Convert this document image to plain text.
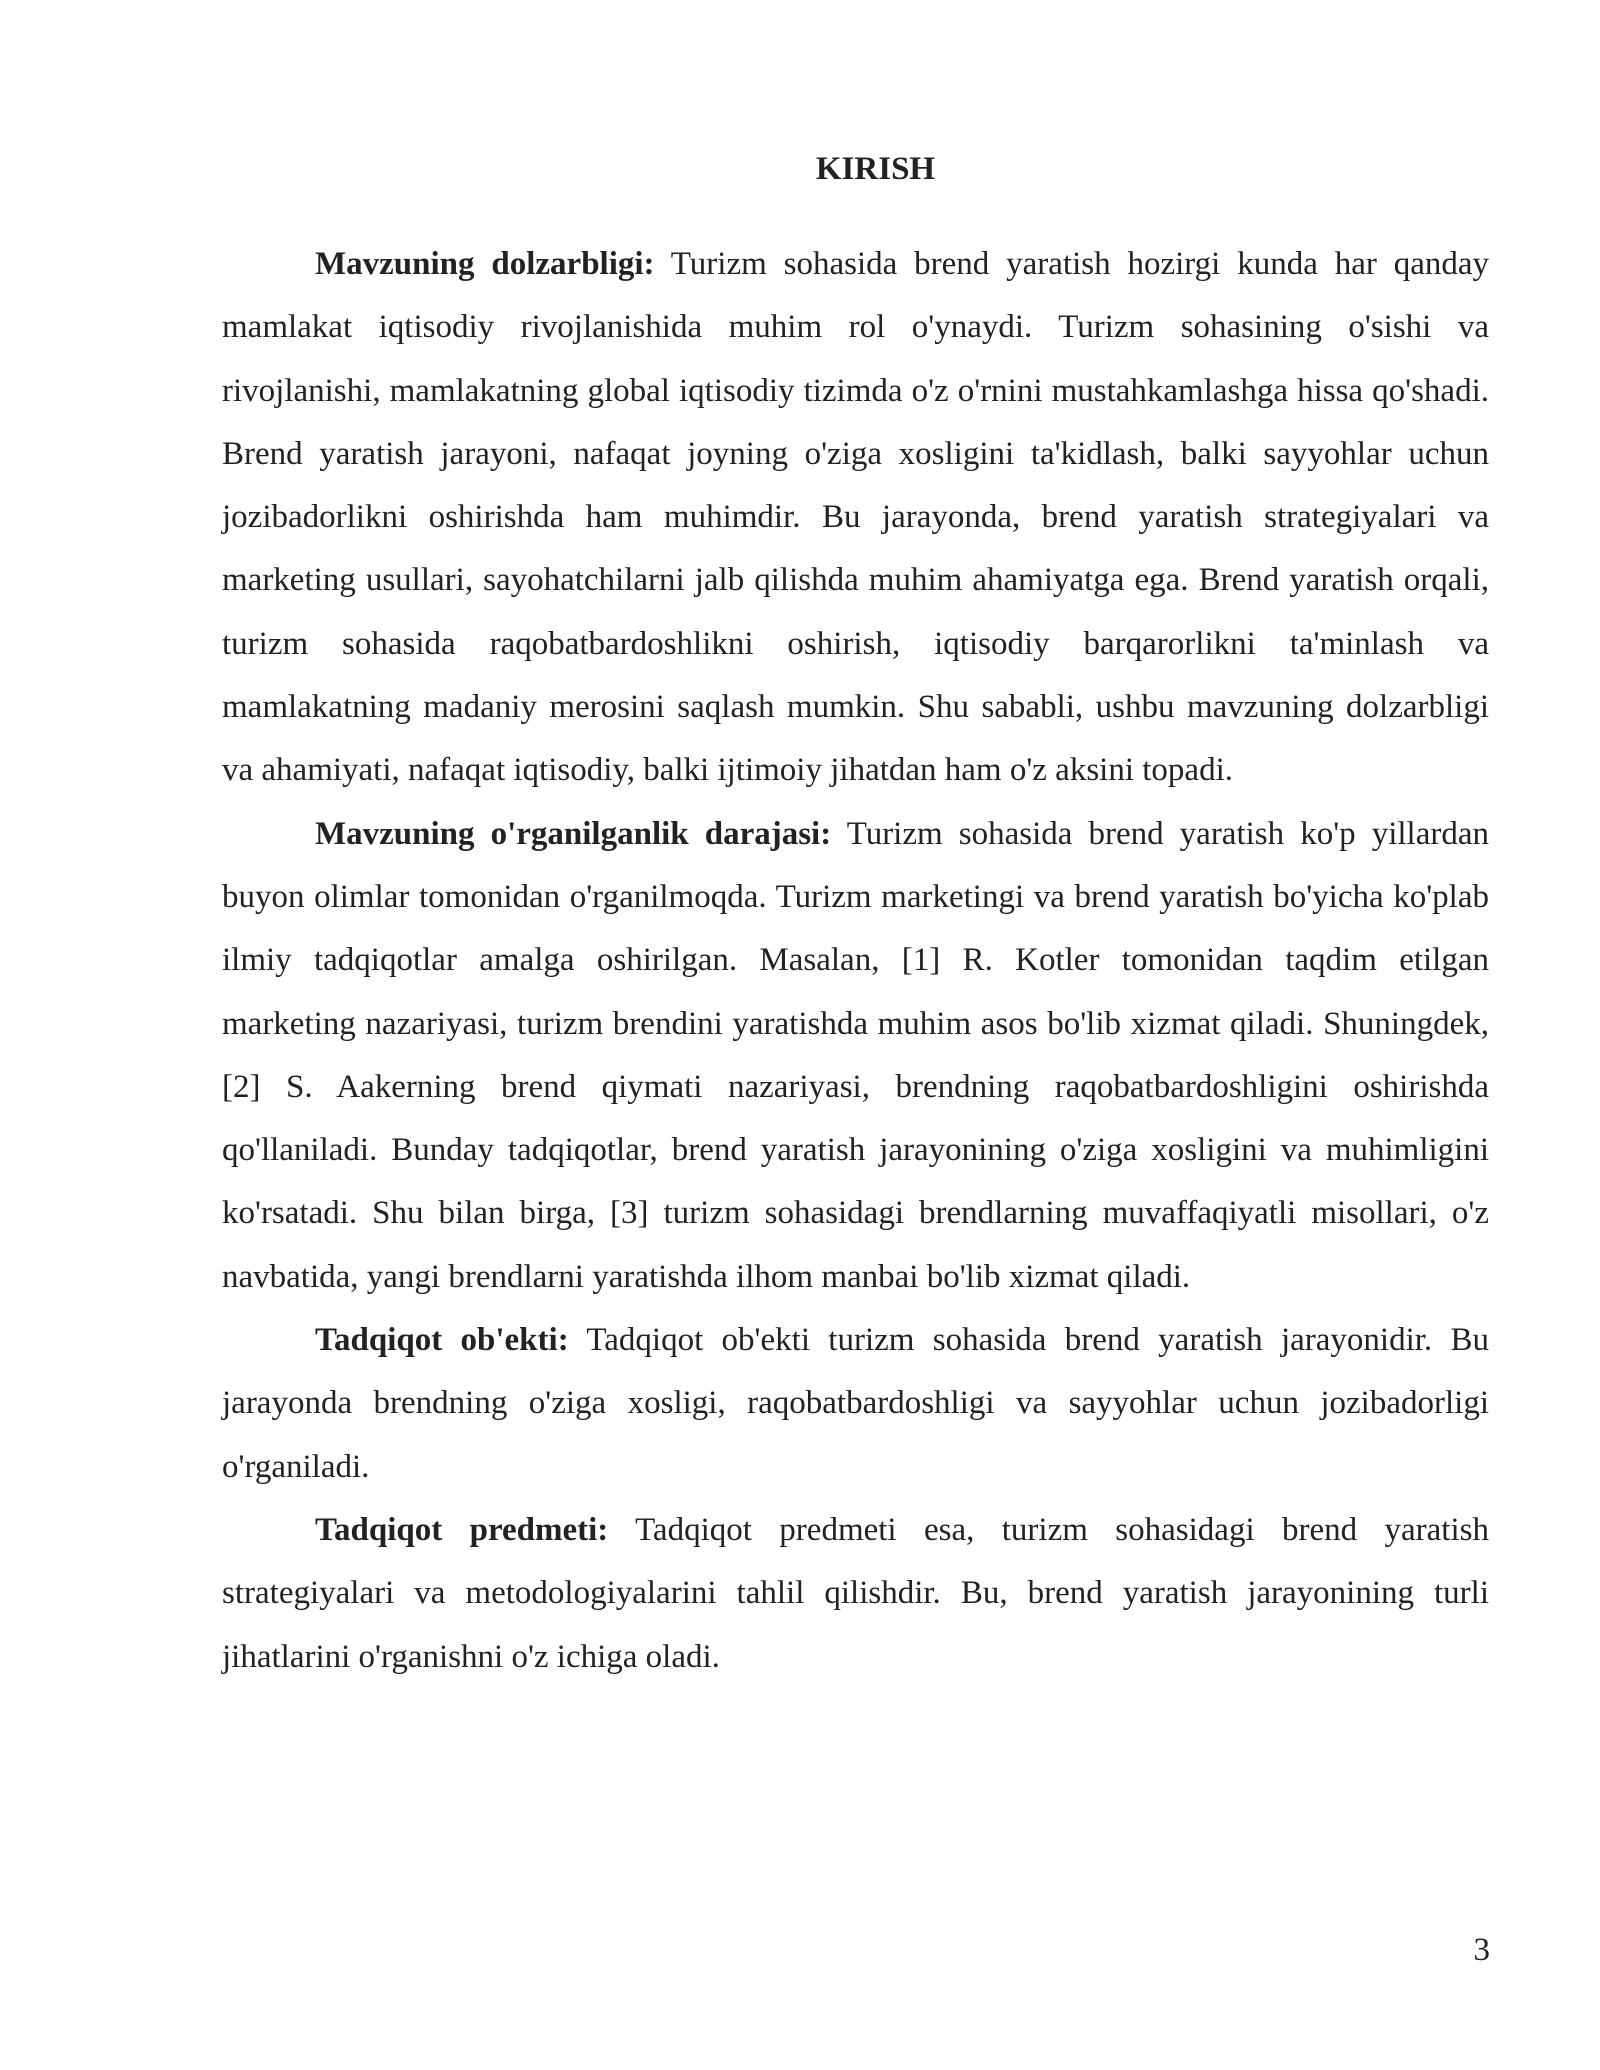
KIRISH

Mavzuning dolzarbligi: Turizm sohasida brend yaratish hozirgi kunda har qanday mamlakat iqtisodiy rivojlanishida muhim rol o'ynaydi. Turizm sohasining o'sishi va rivojlanishi, mamlakatning global iqtisodiy tizimda o'z o'rnini mustahkamlashga hissa qo'shadi. Brend yaratish jarayoni, nafaqat joyning o'ziga xosligini ta'kidlash, balki sayyohlar uchun jozibadorlikni oshirishda ham muhimdir. Bu jarayonda, brend yaratish strategiyalari va marketing usullari, sayohatchilarni jalb qilishda muhim ahamiyatga ega. Brend yaratish orqali, turizm sohasida raqobatbardoshlikni oshirish, iqtisodiy barqarorlikni ta'minlash va mamlakatning madaniy merosini saqlash mumkin. Shu sababli, ushbu mavzuning dolzarbligi va ahamiyati, nafaqat iqtisodiy, balki ijtimoiy jihatdan ham o'z aksini topadi.

Mavzuning o'rganilganlik darajasi: Turizm sohasida brend yaratish ko'p yillardan buyon olimlar tomonidan o'rganilmoqda. Turizm marketingi va brend yaratish bo'yicha ko'plab ilmiy tadqiqotlar amalga oshirilgan. Masalan, [1] R. Kotler tomonidan taqdim etilgan marketing nazariyasi, turizm brendini yaratishda muhim asos bo'lib xizmat qiladi. Shuningdek, [2] S. Aakerning brend qiymati nazariyasi, brendning raqobatbardoshligini oshirishda qo'llaniladi. Bunday tadqiqotlar, brend yaratish jarayonining o'ziga xosligini va muhimligini ko'rsatadi. Shu bilan birga, [3] turizm sohasidagi brendlarning muvaffaqiyatli misollari, o'z navbatida, yangi brendlarni yaratishda ilhom manbai bo'lib xizmat qiladi.

Tadqiqot ob'ekti: Tadqiqot ob'ekti turizm sohasida brend yaratish jarayonidir. Bu jarayonda brendning o'ziga xosligi, raqobatbardoshligi va sayyohlar uchun jozibadorligi o'rganiladi.

Tadqiqot predmeti: Tadqiqot predmeti esa, turizm sohasidagi brend yaratish strategiyalari va metodologiyalarini tahlil qilishdir. Bu, brend yaratish jarayonining turli jihatlarini o'rganishni o'z ichiga oladi.

3
